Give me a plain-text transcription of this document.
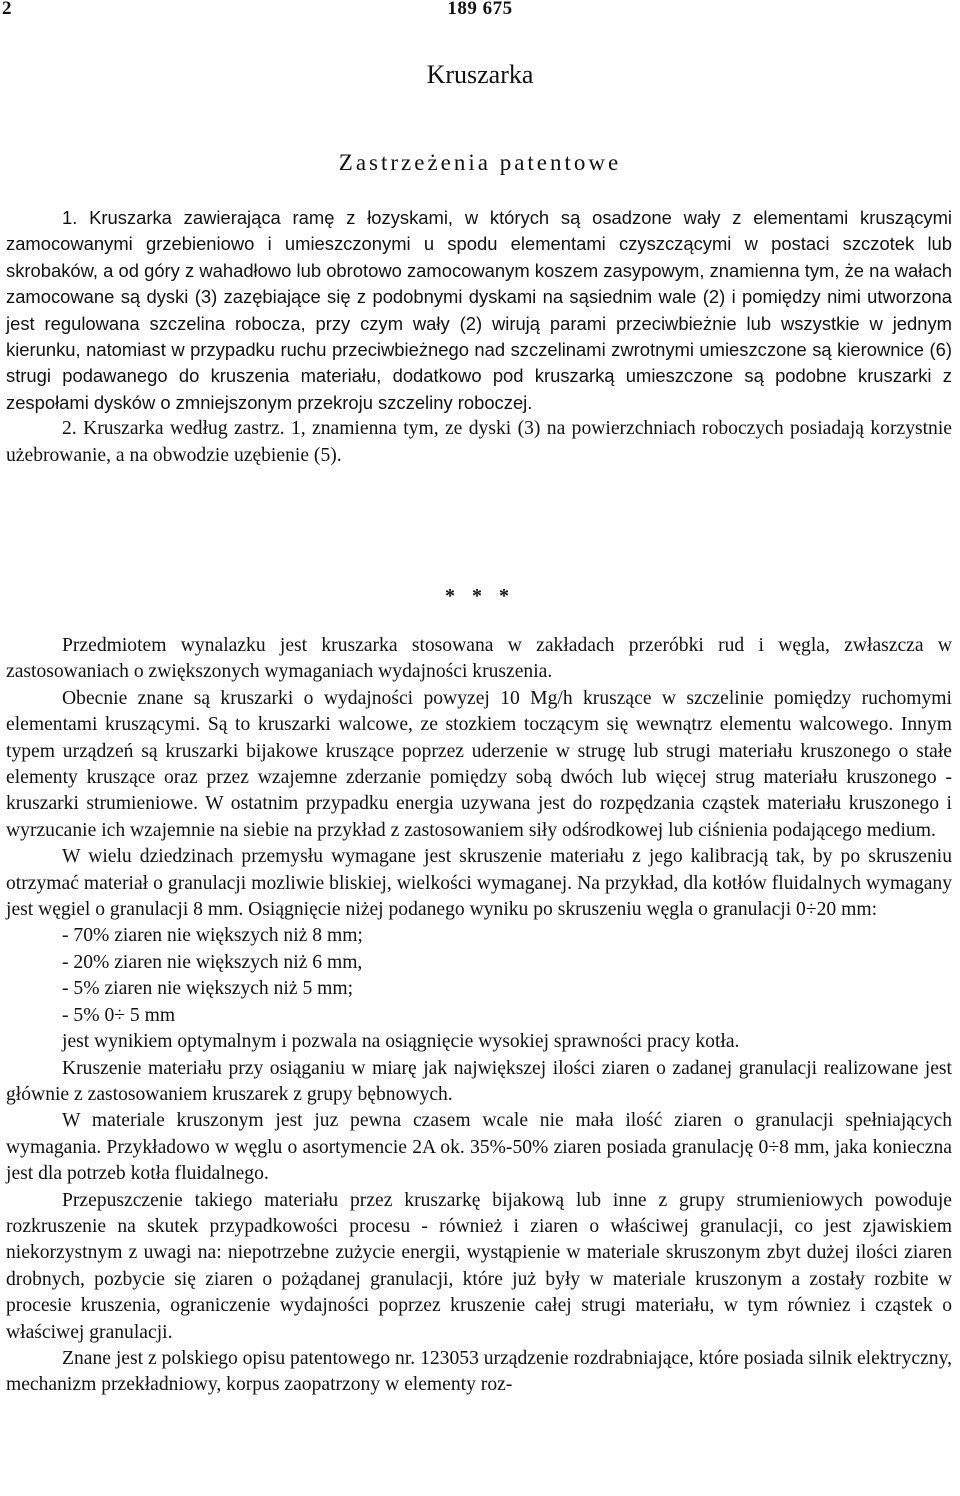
2	189 675
Kruszarka
Zastrzeżenia patentowe

1. Kruszarka zawierająca ramę z łozyskami, w których są osadzone wały z elementami kruszącymi zamocowanymi grzebieniowo i umieszczonymi u spodu elementami czyszczącymi w postaci szczotek lub skrobaków, a od góry z wahadłowo lub obrotowo zamocowanym koszem zasypowym, znamienna tym, że na wałach zamocowane są dyski (3) zazębiające się z podobnymi dyskami na sąsiednim wale (2) i pomiędzy nimi utworzona jest regulowana szczelina robocza, przy czym wały (2) wirują parami przeciwbieżnie lub wszystkie w jednym kierunku, natomiast w przypadku ruchu przeciwbieżnego nad szczelinami zwrotnymi umieszczone są kierownice (6) strugi podawanego do kruszenia materiału, dodatkowo pod kruszarką umieszczone są podobne kruszarki z zespołami dysków o zmniejszonym przekroju szczeliny roboczej.

2. Kruszarka według zastrz. 1, znamienna tym, ze dyski (3) na powierzchniach roboczych posiadają korzystnie użebrowanie, a na obwodzie uzębienie (5).

* * *

Przedmiotem wynalazku jest kruszarka stosowana w zakładach przeróbki rud i węgla, zwłaszcza w zastosowaniach o zwiększonych wymaganiach wydajności kruszenia.

Obecnie znane są kruszarki o wydajności powyzej 10 Mg/h kruszące w szczelinie pomiędzy ruchomymi elementami kruszącymi. Są to kruszarki walcowe, ze stozkiem toczącym się wewnątrz elementu walcowego. Innym typem urządzeń są kruszarki bijakowe kruszące poprzez uderzenie w strugę lub strugi materiału kruszonego o stałe elementy kruszące oraz przez wzajemne zderzanie pomiędzy sobą dwóch lub więcej strug materiału kruszonego - kruszarki strumieniowe. W ostatnim przypadku energia uzywana jest do rozpędzania cząstek materiału kruszonego i wyrzucanie ich wzajemnie na siebie na przykład z zastosowaniem siły odśrodkowej lub ciśnienia podającego medium.

W wielu dziedzinach przemysłu wymagane jest skruszenie materiału z jego kalibracją tak, by po skruszeniu otrzymać materiał o granulacji mozliwie bliskiej, wielkości wymaganej. Na przykład, dla kotłów fluidalnych wymagany jest węgiel o granulacji 8 mm. Osiągnięcie niżej podanego wyniku po skruszeniu węgla o granulacji 0÷20 mm:

- 70% ziaren nie większych niż 8 mm;

- 20% ziaren nie większych niż 6 mm,

- 5% ziaren nie większych niż 5 mm;

- 5% 0÷ 5 mm

jest wynikiem optymalnym i pozwala na osiągnięcie wysokiej sprawności pracy kotła.

Kruszenie materiału przy osiąganiu w miarę jak największej ilości ziaren o zadanej granulacji realizowane jest głównie z zastosowaniem kruszarek z grupy bębnowych.

W materiale kruszonym jest juz pewna czasem wcale nie mała ilość ziaren o granulacji spełniających wymagania. Przykładowo w węglu o asortymencie 2A ok. 35%-50% ziaren posiada granulację 0÷8 mm, jaka konieczna jest dla potrzeb kotła fluidalnego.

Przepuszczenie takiego materiału przez kruszarkę bijakową lub inne z grupy strumieniowych powoduje rozkruszenie na skutek przypadkowości procesu - również i ziaren o właściwej granulacji, co jest zjawiskiem niekorzystnym z uwagi na: niepotrzebne zużycie energii, wystąpienie w materiale skruszonym zbyt dużej ilości ziaren drobnych, pozbycie się ziaren o pożądanej granulacji, które już były w materiale kruszonym a zostały rozbite w procesie kruszenia, ograniczenie wydajności poprzez kruszenie całej strugi materiału, w tym równiez i cząstek o właściwej granulacji.

Znane jest z polskiego opisu patentowego nr. 123053 urządzenie rozdrabniające, które posiada silnik elektryczny, mechanizm przekładniowy, korpus zaopatrzony w elementy roz-
